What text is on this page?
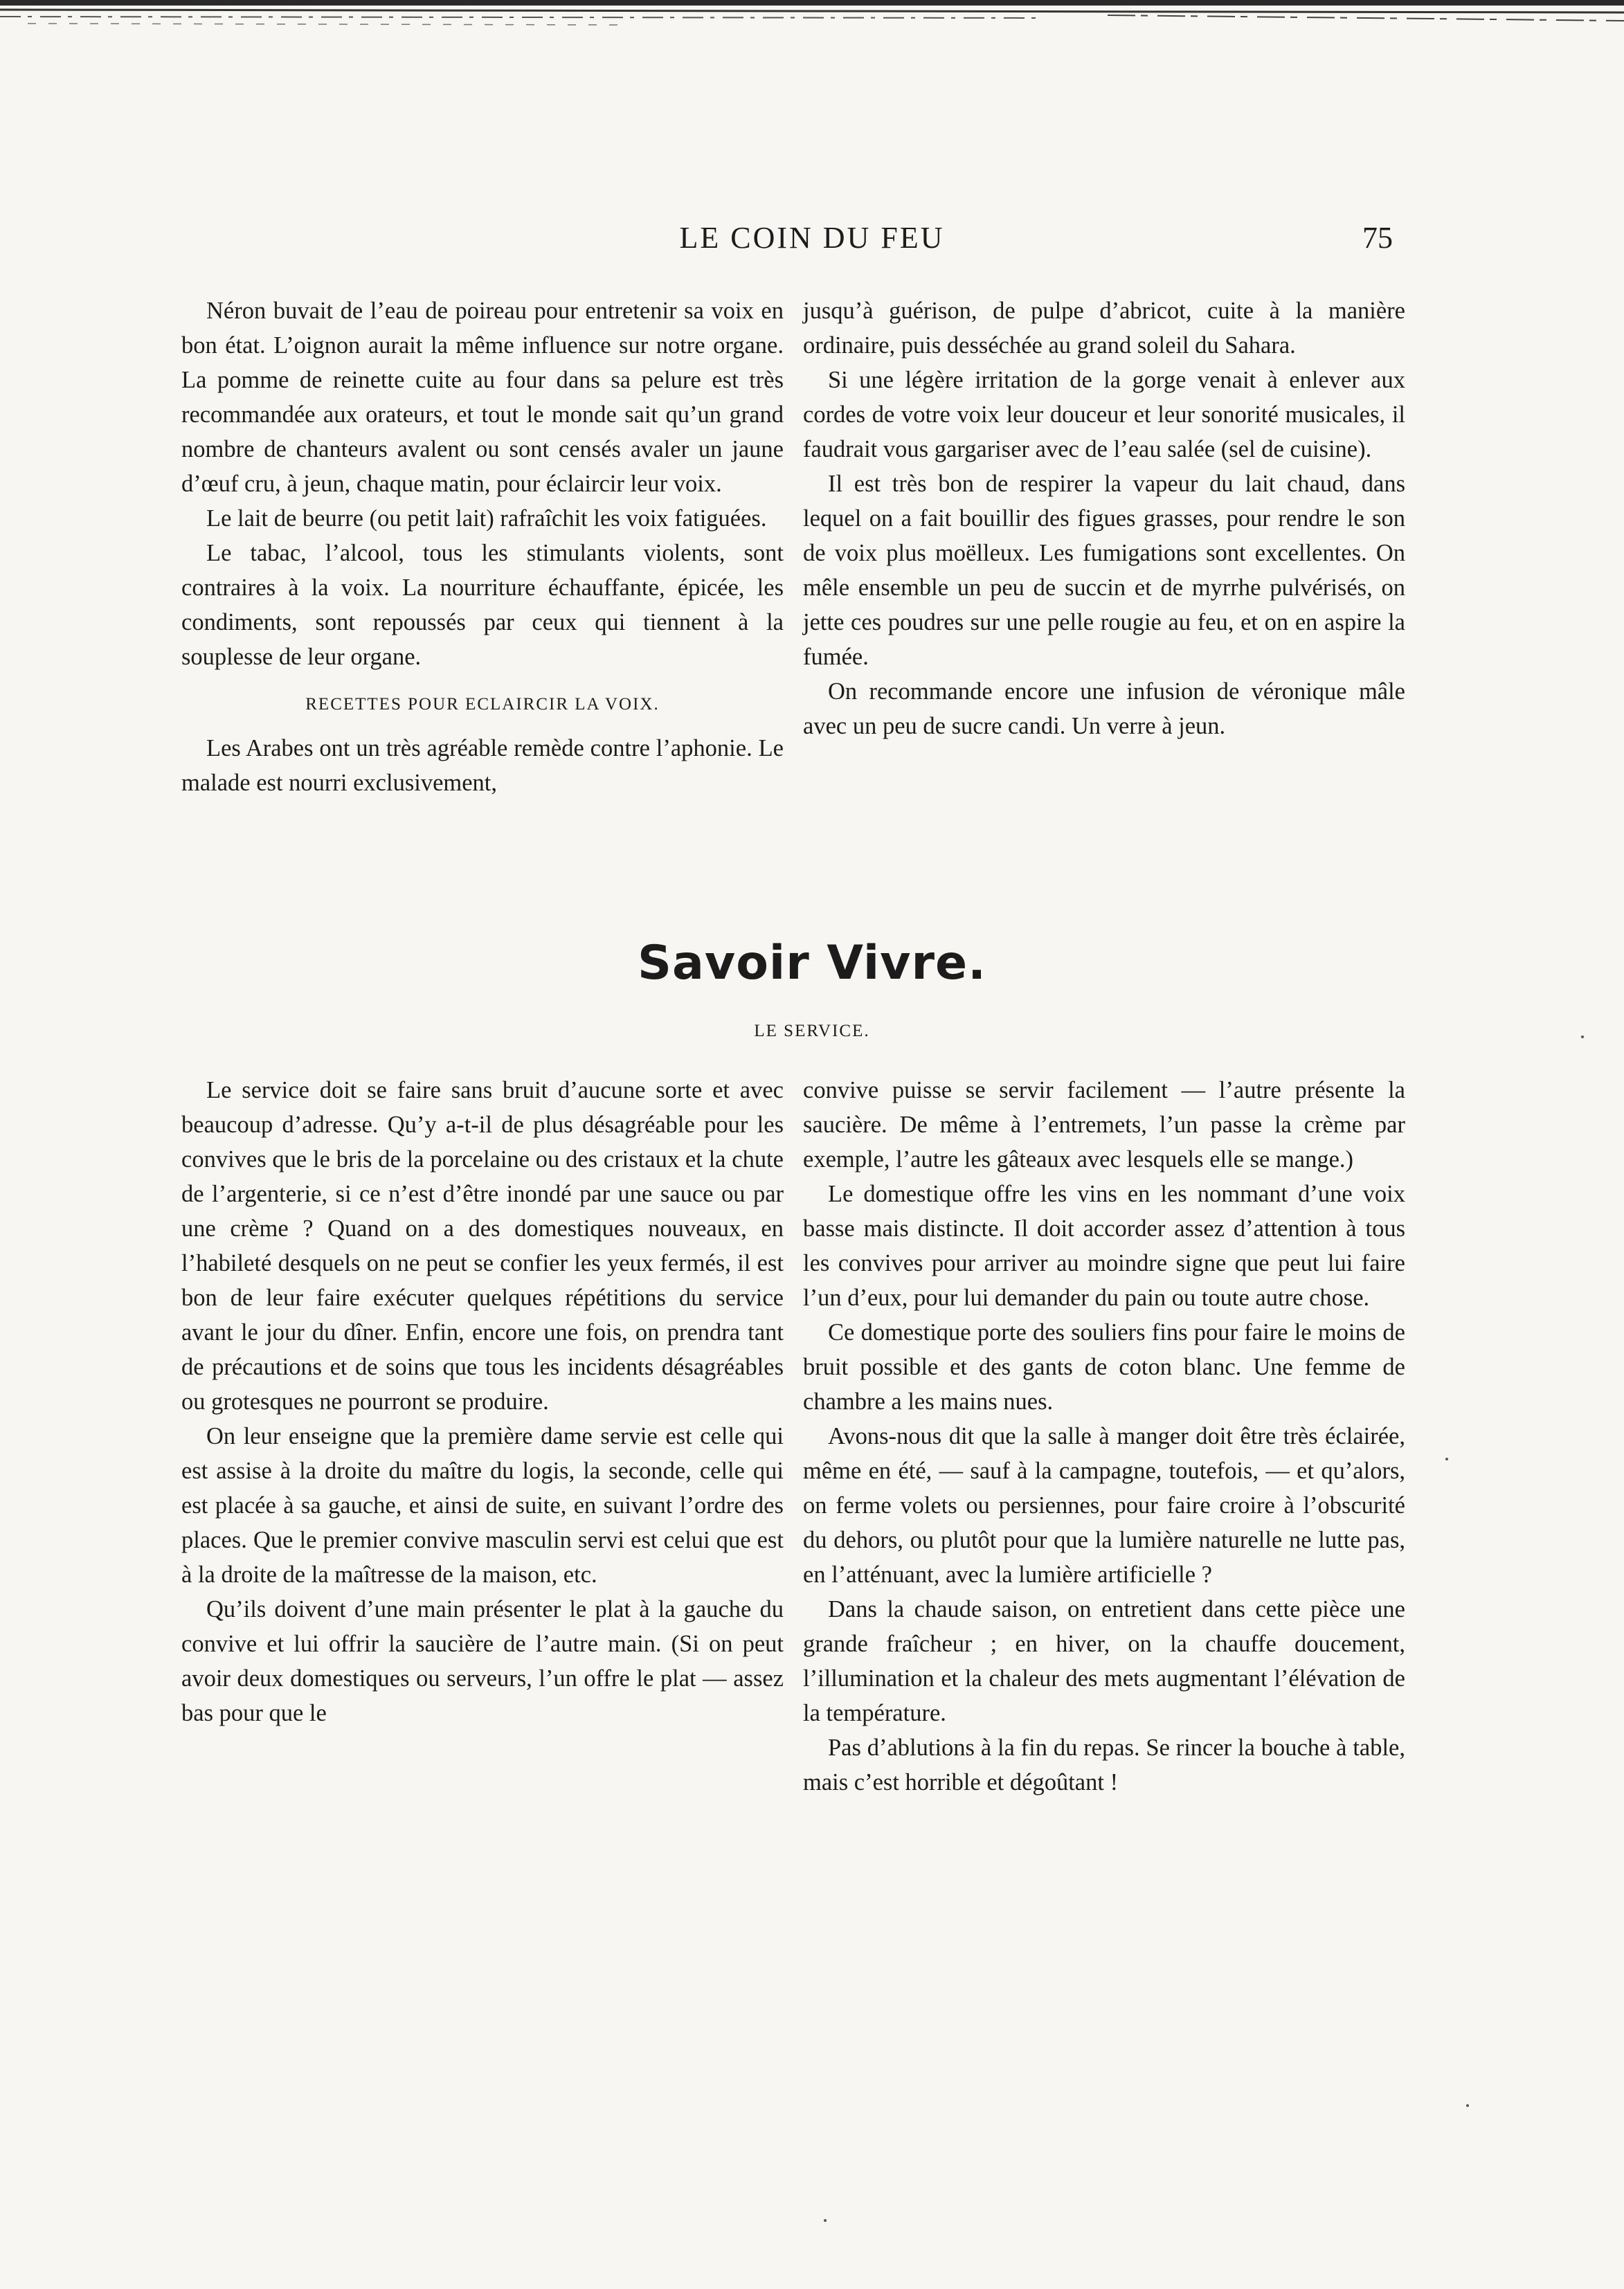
LE COIN DU FEU	75

Néron buvait de l’eau de poireau pour entretenir sa voix en bon état. L’oignon aurait la même influence sur notre organe. La pomme de reinette cuite au four dans sa pelure est très recommandée aux orateurs, et tout le monde sait qu’un grand nombre de chanteurs avalent ou sont censés avaler un jaune d’œuf cru, à jeun, chaque matin, pour éclaircir leur voix.

Le lait de beurre (ou petit lait) rafraîchit les voix fatiguées.

Le tabac, l’alcool, tous les stimulants violents, sont contraires à la voix. La nourriture échauffante, épicée, les condiments, sont repoussés par ceux qui tiennent à la souplesse de leur organe.

RECETTES POUR ECLAIRCIR LA VOIX.

Les Arabes ont un très agréable remède contre l’aphonie. Le malade est nourri exclusivement,

jusqu’à guérison, de pulpe d’abricot, cuite à la manière ordinaire, puis desséchée au grand soleil du Sahara.

Si une légère irritation de la gorge venait à enlever aux cordes de votre voix leur douceur et leur sonorité musicales, il faudrait vous gargariser avec de l’eau salée (sel de cuisine).

Il est très bon de respirer la vapeur du lait chaud, dans lequel on a fait bouillir des figues grasses, pour rendre le son de voix plus moëlleux. Les fumigations sont excellentes. On mêle ensemble un peu de succin et de myrrhe pulvérisés, on jette ces poudres sur une pelle rougie au feu, et on en aspire la fumée.

On recommande encore une infusion de véronique mâle avec un peu de sucre candi. Un verre à jeun.

Savoir Vivre.
LE SERVICE.

Le service doit se faire sans bruit d’aucune sorte et avec beaucoup d’adresse. Qu’y a-t-il de plus désagréable pour les convives que le bris de la porcelaine ou des cristaux et la chute de l’argenterie, si ce n’est d’être inondé par une sauce ou par une crème ? Quand on a des domestiques nouveaux, en l’habileté desquels on ne peut se confier les yeux fermés, il est bon de leur faire exécuter quelques répétitions du service avant le jour du dîner. Enfin, encore une fois, on prendra tant de précautions et de soins que tous les incidents désagréables ou grotesques ne pourront se produire.

On leur enseigne que la première dame servie est celle qui est assise à la droite du maître du logis, la seconde, celle qui est placée à sa gauche, et ainsi de suite, en suivant l’ordre des places. Que le premier convive masculin servi est celui que est à la droite de la maîtresse de la maison, etc.

Qu’ils doivent d’une main présenter le plat à la gauche du convive et lui offrir la saucière de l’autre main. (Si on peut avoir deux domestiques ou serveurs, l’un offre le plat — assez bas pour que le

convive puisse se servir facilement — l’autre présente la saucière. De même à l’entremets, l’un passe la crème par exemple, l’autre les gâteaux avec lesquels elle se mange.)

Le domestique offre les vins en les nommant d’une voix basse mais distincte. Il doit accorder assez d’attention à tous les convives pour arriver au moindre signe que peut lui faire l’un d’eux, pour lui demander du pain ou toute autre chose.

Ce domestique porte des souliers fins pour faire le moins de bruit possible et des gants de coton blanc. Une femme de chambre a les mains nues.

Avons-nous dit que la salle à manger doit être très éclairée, même en été, — sauf à la campagne, toutefois, — et qu’alors, on ferme volets ou persiennes, pour faire croire à l’obscurité du dehors, ou plutôt pour que la lumière naturelle ne lutte pas, en l’atténuant, avec la lumière artificielle ?

Dans la chaude saison, on entretient dans cette pièce une grande fraîcheur ; en hiver, on la chauffe doucement, l’illumination et la chaleur des mets augmentant l’élévation de la température.

Pas d’ablutions à la fin du repas. Se rincer la bouche à table, mais c’est horrible et dégoûtant !
